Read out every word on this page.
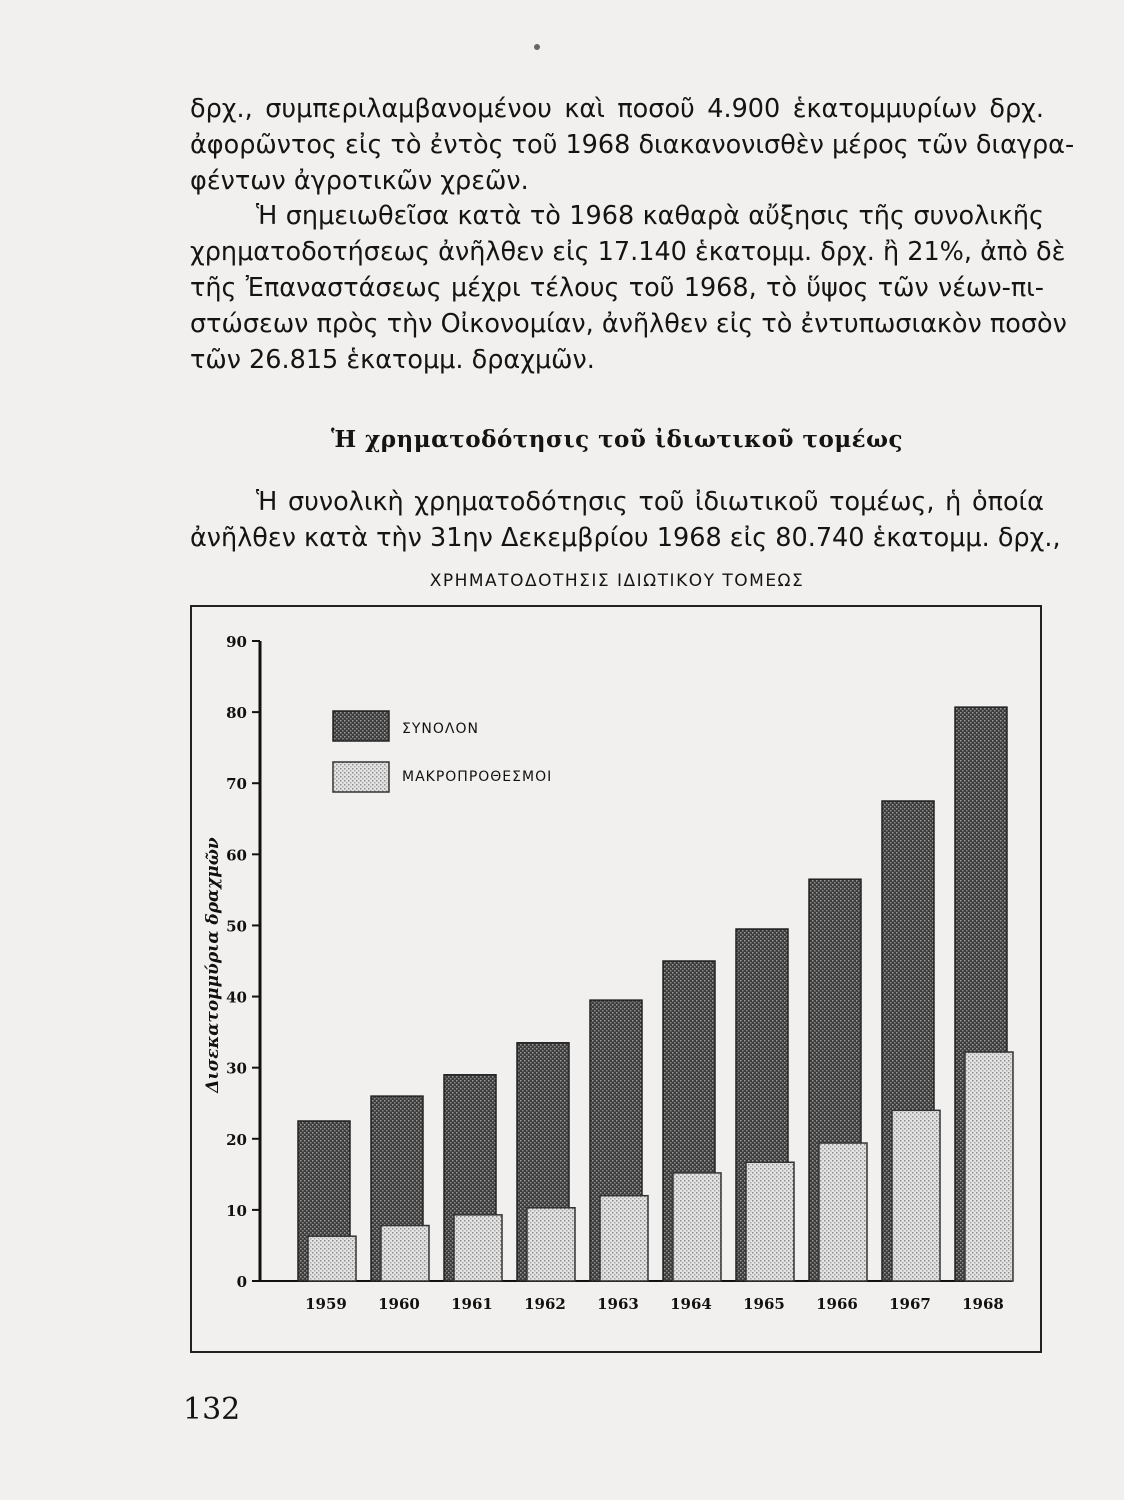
δρχ., συμπεριλαμβανομένου καὶ ποσοῦ 4.900 ἑκατομμυρίων δρχ.
ἀφορῶντος εἰς τὸ ἐντὸς τοῦ 1968 διακανονισθὲν μέρος τῶν διαγρα-
φέντων ἀγροτικῶν χρεῶν.
Ἡ σημειωθεῖσα κατὰ τὸ 1968 καθαρὰ αὔξησις τῆς συνολικῆς
χρηματοδοτήσεως ἀνῆλθεν εἰς 17.140 ἑκατομμ. δρχ. ἢ 21%, ἀπὸ δὲ
τῆς Ἐπαναστάσεως μέχρι τέλους τοῦ 1968, τὸ ὕψος τῶν νέων-πι-
στώσεων πρὸς τὴν Οἰκονομίαν, ἀνῆλθεν εἰς τὸ ἐντυπωσιακὸν ποσὸν
τῶν 26.815 ἑκατομμ. δραχμῶν.
Ἡ χρηματοδότησις τοῦ ἰδιωτικοῦ τομέως
Ἡ συνολικὴ χρηματοδότησις τοῦ ἰδιωτικοῦ τομέως, ἡ ὁποία
ἀνῆλθεν κατὰ τὴν 31ην Δεκεμβρίου 1968 εἰς 80.740 ἑκατομμ. δρχ.,
ΧΡΗΜΑΤΟΔΟΤΗΣΙΣ ΙΔΙΩΤΙΚΟΥ ΤΟΜΕΩΣ
0
10
20
30
40
50
60
70
80
90
Δισεκατομμύρια δραχμῶν
1959 1960 1961 1962 1963 1964 1965 1966 1967 1968
ΣΥΝΟΛΟΝ
ΜΑΚΡΟΠΡΟΘΕΣΜΟΙ
132
